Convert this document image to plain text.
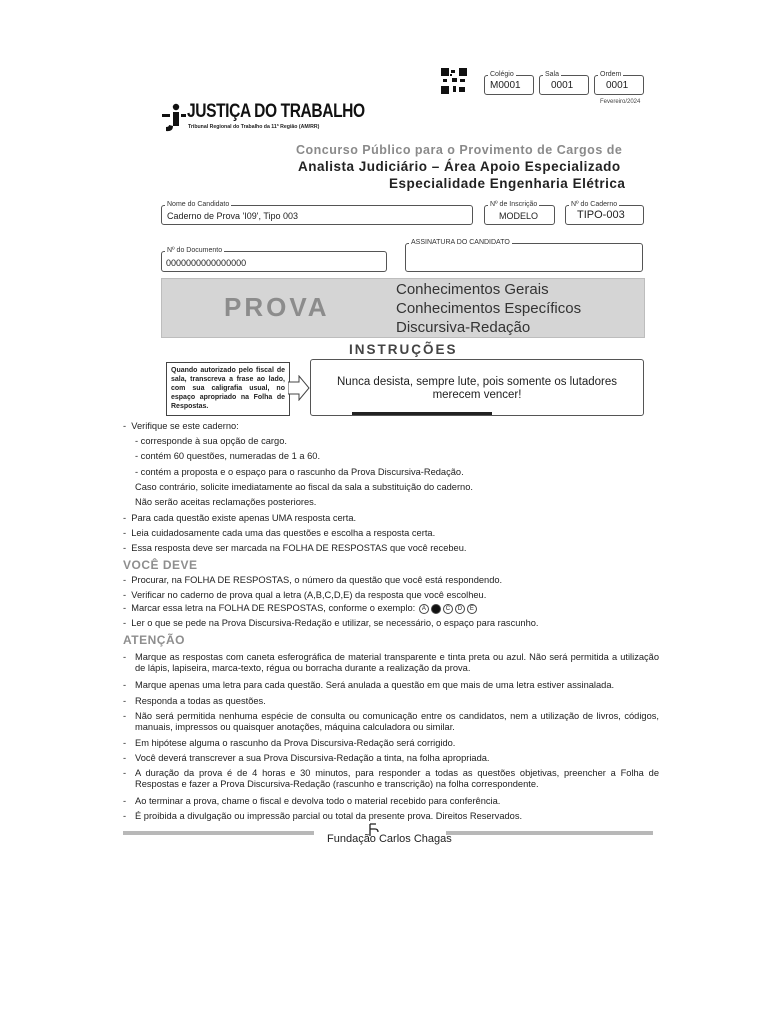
Colégio
M0001
Sala
0001
Ordem
0001
Fevereiro/2024
JUSTIÇA DO TRABALHO
Tribunal Regional do Trabalho da 11ª Região (AM/RR)
Concurso Público para o Provimento de Cargos de
Analista Judiciário – Área Apoio Especializado
Especialidade Engenharia Elétrica
Nome do Candidato
Caderno de Prova 'I09', Tipo 003
Nº de Inscrição
MODELO
Nº do Caderno
TIPO-003
Nº do Documento
0000000000000000
ASSINATURA DO CANDIDATO
PROVA
Conhecimentos Gerais
Conhecimentos Específicos
Discursiva-Redação
INSTRUÇÕES
Quando autorizado pelo fiscal de sala, transcreva a frase ao lado, com sua caligrafia usual, no espaço apropriado na Folha de Respostas.
Nunca desista, sempre lute, pois somente os lutadores merecem vencer!
-  Verifique se este caderno:
- corresponde à sua opção de cargo.
- contém 60 questões, numeradas de 1 a 60.
- contém a proposta e o espaço para o rascunho da Prova Discursiva-Redação.
Caso contrário, solicite imediatamente ao fiscal da sala a substituição do caderno.
Não serão aceitas reclamações posteriores.
-  Para cada questão existe apenas UMA resposta certa.
-  Leia cuidadosamente cada uma das questões e escolha a resposta certa.
-  Essa resposta deve ser marcada na FOLHA DE RESPOSTAS que você recebeu.
VOCÊ DEVE
-  Procurar, na FOLHA DE RESPOSTAS, o número da questão que você está respondendo.
-  Verificar no caderno de prova qual a letra (A,B,C,D,E) da resposta que você escolheu.
-  Marcar essa letra na FOLHA DE RESPOSTAS, conforme o exemplo: A B C D E
-  Ler o que se pede na Prova Discursiva-Redação e utilizar, se necessário, o espaço para rascunho.
ATENÇÃO
- Marque as respostas com caneta esferográfica de material transparente e tinta preta ou azul. Não será permitida a utilização de lápis, lapiseira, marca-texto, régua ou borracha durante a realização da prova.
- Marque apenas uma letra para cada questão. Será anulada a questão em que mais de uma letra estiver assinalada.
- Responda a todas as questões.
- Não será permitida nenhuma espécie de consulta ou comunicação entre os candidatos, nem a utilização de livros, códigos, manuais, impressos ou quaisquer anotações, máquina calculadora ou similar.
- Em hipótese alguma o rascunho da Prova Discursiva-Redação será corrigido.
- Você deverá transcrever a sua Prova Discursiva-Redação a tinta, na folha apropriada.
- A duração da prova é de 4 horas e 30 minutos, para responder a todas as questões objetivas, preencher a Folha de Respostas e fazer a Prova Discursiva-Redação (rascunho e transcrição) na folha correspondente.
- Ao terminar a prova, chame o fiscal e devolva todo o material recebido para conferência.
- É proibida a divulgação ou impressão parcial ou total da presente prova. Direitos Reservados.
Fundação Carlos Chagas
